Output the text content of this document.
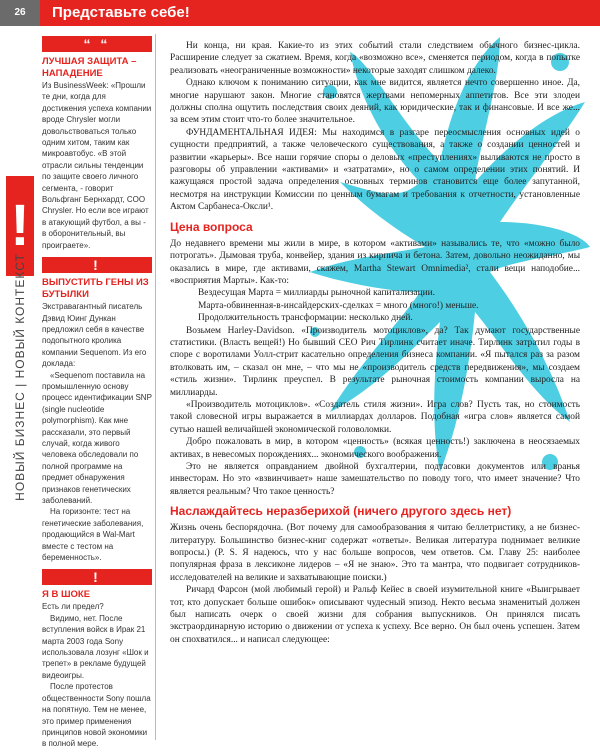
26	Представьте себе!
!
НОВЫЙ БИЗНЕС | НОВЫЙ КОНТЕКСТ
“ “
ЛУЧШАЯ ЗАЩИТА – НАПАДЕНИЕ

Из BusinessWeek: «Прошли те дни, когда для достижения успеха компании вроде Chrysler могли довольствоваться только одним хитом, таким как микроавтобус. «В этой отрасли сильны тенденции по защите своего личного сегмента, - говорит Вольфганг Бернхардт, COO Chrysler. Но если все играют в атакующий футбол, а вы - в оборонительный, вы проиграете».

!
ВЫПУСТИТЬ ГЕНЫ ИЗ БУТЫЛКИ

Экстравагантный писатель Дэвид Юинг Дункан предложил себя в качестве подопытного кролика компании Sequenom. Из его доклада:

«Sequenom поставила на промышленную основу процесс идентификации SNP (single nucleotide polymorphism). Как мне рассказали, это первый случай, когда живого человека обследовали по полной программе на предмет обнаружения признаков генетических заболеваний.

На горизонте: тест на генетические заболевания, продающийся в Wal-Mart вместе с тестом на беременность».

!
Я В ШОКЕ

Есть ли предел?

Видимо, нет. После вступления войск в Ирак 21 марта 2003 года Sony использовала лозунг «Шок и трепет» в рекламе будущей видеоигры.

После протестов общественности Sony пошла на попятную. Тем не менее, это пример применения принципов новой экономики в полной мере.

Ни конца, ни края. Какие-то из этих событий стали следствием обычного бизнес-цикла. Расширение следует за сжатием. Время, когда «возможно все», сменяется периодом, когда в попытке реализовать «неограниченные возможности» некоторые заходят слишком далеко.

Однако ключом к пониманию ситуации, как мне видится, является нечто совершенно иное. Да, многие нарушают закон. Многие становятся жертвами непомерных аппетитов. Все эти злодеи должны сполна ощутить последствия своих деяний, как юридические, так и финансовые. И все же... за всем этим стоит что-то более значительное.

ФУНДАМЕНТАЛЬНАЯ ИДЕЯ: Мы находимся в разгаре переосмысления основных идей о сущности предприятий, а также человеческого существования, а также о создании ценностей и развитии «карьеры». Все наши горячие споры о деловых «преступлениях» выливаются не просто в разговоры об управлении «активами» и «затратами», но о самом определении этих понятий. И кажущаяся простой задача определения основных терминов становится еще более запутанной, несмотря на инструкции Комиссии по ценным бумагам и требования к отчетности, установленные Актом Сарбанеса-Оксли¹.

Цена вопроса

До недавнего времени мы жили в мире, в котором «активами» назывались те, что «можно было потрогать». Дымовая труба, конвейер, здания из кирпича и бетона. Затем, довольно неожиданно, мы оказались в мире, где активами, скажем, Martha Stewart Omnimedia², стали вещи наподобие... «восприятия Марты». Как-то:

Вездесущая Марта = миллиарды рыночной капитализации.

Марта-обвиненная-в-инсайдерских-сделках = много (много!) меньше.

Продолжительность трансформации: несколько дней.

Возьмем Harley-Davidson. «Производитель мотоциклов», да? Так думают государственные статистики. (Власть вещей!) Но бывший CEO Рич Тирлинк считает иначе. Тирлинк затратил годы в споре с воротилами Уолл-стрит касательно определения бизнеса компании. «Я пытался раз за разом втолковать им, – сказал он мне, – что мы не «производитель средств передвижения», мы создаем «стиль жизни». Тирлинк преуспел. В результате рыночная стоимость компании выросла на миллиарды.

«Производитель мотоциклов». «Создатель стиля жизни». Игра слов? Пусть так, но стоимость такой словесной игры выражается в миллиардах долларов. Подобная «игра слов» является самой сутью нашей величайшей экономической головоломки.

Добро пожаловать в мир, в котором «ценность» (всякая ценность!) заключена в неосязаемых активах, в невесомых порождениях... экономического воображения.

Это не является оправданием двойной бухгалтерии, подтасовки документов или вранья инвесторам. Но это «взвинчивает» наше замешательство по поводу того, что имеет значение? Что является реальным? Что такое ценность?

Наслаждайтесь неразберихой (ничего другого здесь нет)

Жизнь очень беспорядочна. (Вот почему для самообразования я читаю беллетристику, а не бизнес-литературу. Большинство бизнес-книг содержат «ответы». Великая литература поднимает великие вопросы.) (P. S. Я надеюсь, что у нас больше вопросов, чем ответов. См. Главу 25: наиболее популярная фраза в лексиконе лидеров – «Я не знаю». Это та мантра, что подвигает сотрудников-исследователей на великие и захватывающие поиски.)

Ричард Фарсон (мой любимый герой) и Ральф Кейес в своей изумительной книге «Выигрывает тот, кто допускает больше ошибок» описывают чудесный эпизод. Некто весьма знаменитый должен был написать очерк о своей жизни для собрания выпускников. Он принялся писать экстраординарную историю о движении от успеха к успеху. Все верно. Он был очень успешен. Затем он спохватился... и написал следующее:
